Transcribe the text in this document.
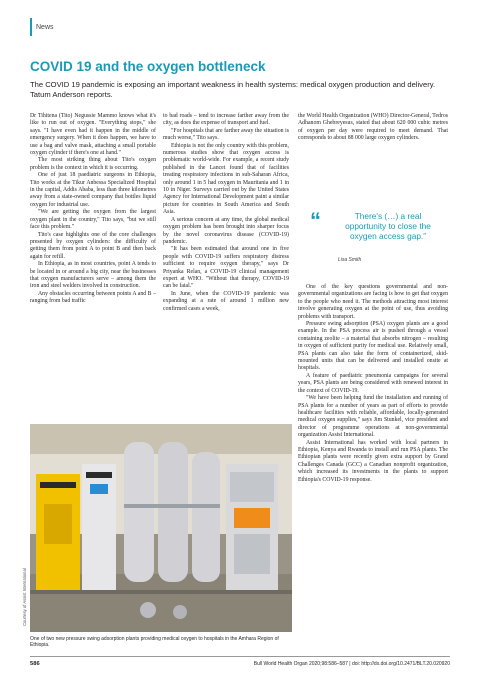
News
COVID 19 and the oxygen bottleneck

The COVID 19 pandemic is exposing an important weakness in health systems: medical oxygen production and delivery. Tatum Anderson reports.

Dr Tihitena (Tito) Negussie Mammo knows what it's like to run out of oxygen. "Everything stops," she says. "I have even had it happen in the middle of emergency surgery. When it does happen, we have to use a bag and valve mask, attaching a small portable oxygen cylinder if there's one at hand."

The most striking thing about Tito's oxygen problem is the context in which it is occurring.

One of just 18 paediatric surgeons in Ethiopia, Tito works at the Tikur Anbessa Specialized Hospital in the capital, Addis Ababa, less than three kilometres away from a state-owned company that bottles liquid oxygen for industrial use.

"We are getting the oxygen from the largest oxygen plant in the country," Tito says, "but we still face this problem."

Tito's case highlights one of the core challenges presented by oxygen cylinders: the difficulty of getting them from point A to point B and then back again for refill.

In Ethiopia, as in most countries, point A tends to be located in or around a big city, near the businesses that oxygen manufacturers serve – among them the iron and steel welders involved in construction.

Any obstacles occurring between points A and B – ranging from bad traffic

to bad roads – tend to increase farther away from the city, as does the expense of transport and fuel.

"For hospitals that are farther away the situation is much worse," Tito says.

Ethiopia is not the only country with this problem, numerous studies show that oxygen access is problematic world-wide. For example, a recent study published in the Lancet found that of facilities treating respiratory infections in sub-Saharan Africa, only around 1 in 5 had oxygen in Mauritania and 1 in 10 in Niger. Surveys carried out by the United States Agency for International Development paint a similar picture for countries in South America and South Asia.

A serious concern at any time, the global medical oxygen problem has been brought into sharper focus by the novel coronavirus disease (COVID-19) pandemic.

"It has been estimated that around one in five people with COVID-19 suffers respiratory distress sufficient to require oxygen therapy," says Dr Priyanka Relan, a COVID-19 clinical management expert at WHO. "Without that therapy, COVID-19 can be fatal."

In June, when the COVID-19 pandemic was expanding at a rate of around 1 million new confirmed cases a week,

the World Health Organization (WHO) Director-General, Tedros Adhanom Ghebreyesus, stated that about 620 000 cubic metres of oxygen per day were required to meet demand. That corresponds to about 88 000 large oxygen cylinders.

“	There's (…) a real opportunity to close the oxygen access gap.”
Lisa Smith

One of the key questions governmental and non-governmental organizations are facing is how to get that oxygen to the people who need it. The methods attracting most interest involve generating oxygen at the point of use, thus avoiding problems with transport.

Pressure swing adsorption (PSA) oxygen plants are a good example. In the PSA process air is pushed through a vessel containing zeolite – a material that absorbs nitrogen – resulting in oxygen of sufficient purity for medical use. Relatively small, PSA plants can also take the form of containerized, skid-mounted units that can be delivered and installed onsite at hospitals.

A feature of paediatric pneumonia campaigns for several years, PSA plants are being considered with renewed interest in the context of COVID-19.

"We have been helping fund the installation and running of PSA plants for a number of years as part of efforts to provide healthcare facilities with reliable, affordable, locally-generated medical oxygen supplies," says Jim Stunkel, vice president and director of programme operations at non-governmental organization Assist International.

Assist International has worked with local partners in Ethiopia, Kenya and Rwanda to install and run PSA plants. The Ethiopian plants were recently given extra support by Grand Challenges Canada (GCC) a Canadian nonprofit organization, which increased its investments in the plants to support Ethiopia's COVID-19 response.

Courtesy of Assist International

One of two new pressure swing adsorption plants providing medical oxygen to hospitals in the Amhara Region of Ethiopia.

586	Bull World Health Organ 2020;98:586–587 | doi: http://dx.doi.org/10.2471/BLT.20.020920
